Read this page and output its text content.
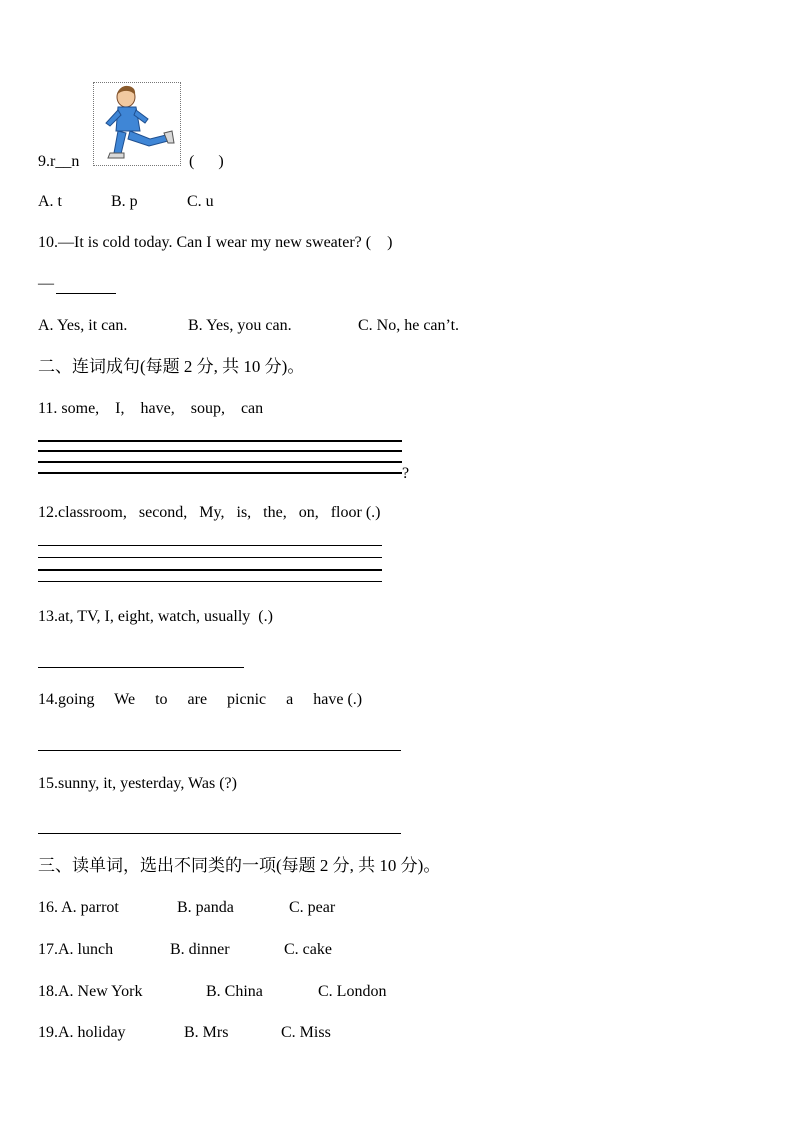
9.r__n	(      )
A. t	B. p	C. u
10.—It is cold today. Can I wear my new sweater? (    )
—
A. Yes, it can.	B. Yes, you can.	C. No, he can’t.
二、连词成句(每题 2 分, 共 10 分)。
11. some,    I,    have,    soup,    can
?
12.classroom,   second,   My,   is,   the,   on,   floor (.)
13.at, TV, I, eight, watch, usually  (.)
14.going     We     to     are     picnic     a     have (.)
15.sunny, it, yesterday, Was (?)
三、读单词，选出不同类的一项(每题 2 分, 共 10 分)。
16. A. parrot	B. panda	C. pear
17.A. lunch	B. dinner	C. cake
18.A. New York	B. China	C. London
19.A. holiday	B. Mrs	C. Miss
